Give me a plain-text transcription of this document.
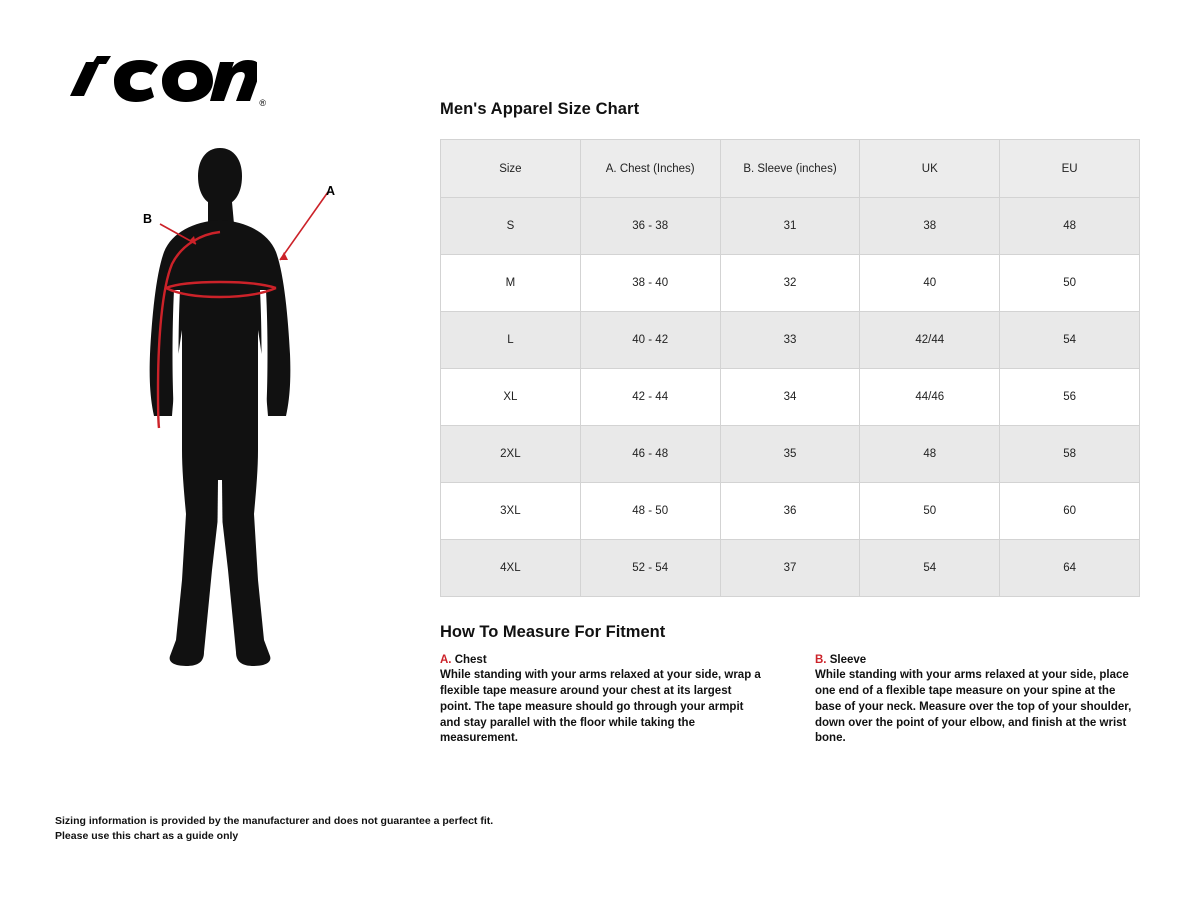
®
A
B
Men's Apparel Size Chart
Size	A. Chest (Inches)	B. Sleeve (inches)	UK	EU
S	36 - 38	31	38	48
M	38 - 40	32	40	50
L	40 - 42	33	42/44	54
XL	42 - 44	34	44/46	56
2XL	46 - 48	35	48	58
3XL	48 - 50	36	50	60
4XL	52 - 54	37	54	64
How To Measure For Fitment

A. Chest

While standing with your arms relaxed at your side, wrap a flexible tape measure around your chest at its largest point. The tape measure should go through your armpit and stay parallel with the floor while taking the measurement.

B. Sleeve

While standing with your arms relaxed at your side, place one end of a flexible tape measure on your spine at the base of your neck. Measure over the top of your shoulder, down over the point of your elbow, and finish at the wrist bone.

Sizing information is provided by the manufacturer and does not guarantee a perfect fit.
Please use this chart as a guide only
